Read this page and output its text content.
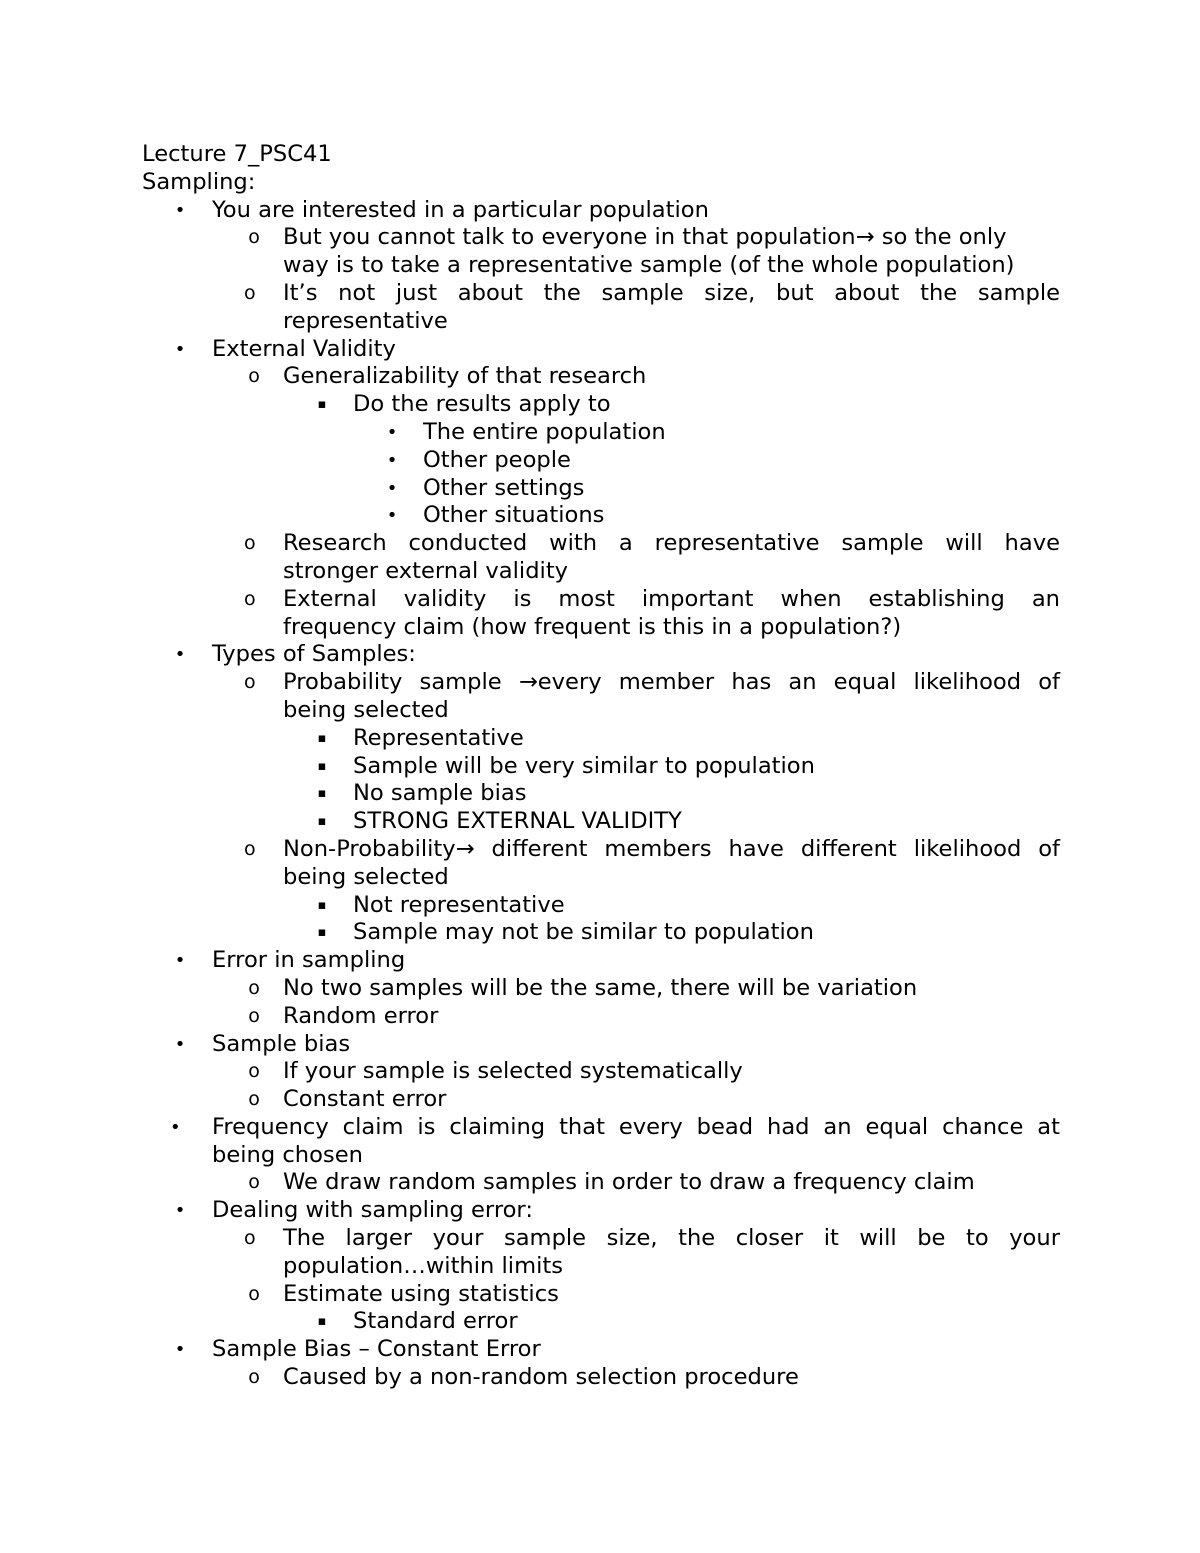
Lecture 7_PSC41
Sampling:
• You are interested in a particular population
o But you cannot talk to everyone in that population→ so the only
way is to take a representative sample (of the whole population)
o	It’s not just about the sample size, but about the sample
representative
• External Validity
o Generalizability of that research
▪ Do the results apply to
• The entire population
• Other people
• Other settings
• Other situations
o	Research conducted with a representative sample will have
stronger external validity
o	External validity is most important when establishing an
frequency claim (how frequent is this in a population?)
• Types of Samples:
o	Probability sample →every member has an equal likelihood of
being selected
▪ Representative
▪ Sample will be very similar to population
▪ No sample bias
▪ STRONG EXTERNAL VALIDITY
o	Non-Probability→ different members have different likelihood of
being selected
▪ Not representative
▪ Sample may not be similar to population
• Error in sampling
o No two samples will be the same, there will be variation
o Random error
• Sample bias
o If your sample is selected systematically
o Constant error
•	Frequency claim is claiming that every bead had an equal chance at
being chosen
o We draw random samples in order to draw a frequency claim
• Dealing with sampling error:
o	The larger your sample size, the closer it will be to your
population…within limits
o Estimate using statistics
▪ Standard error
• Sample Bias – Constant Error
o Caused by a non-random selection procedure
